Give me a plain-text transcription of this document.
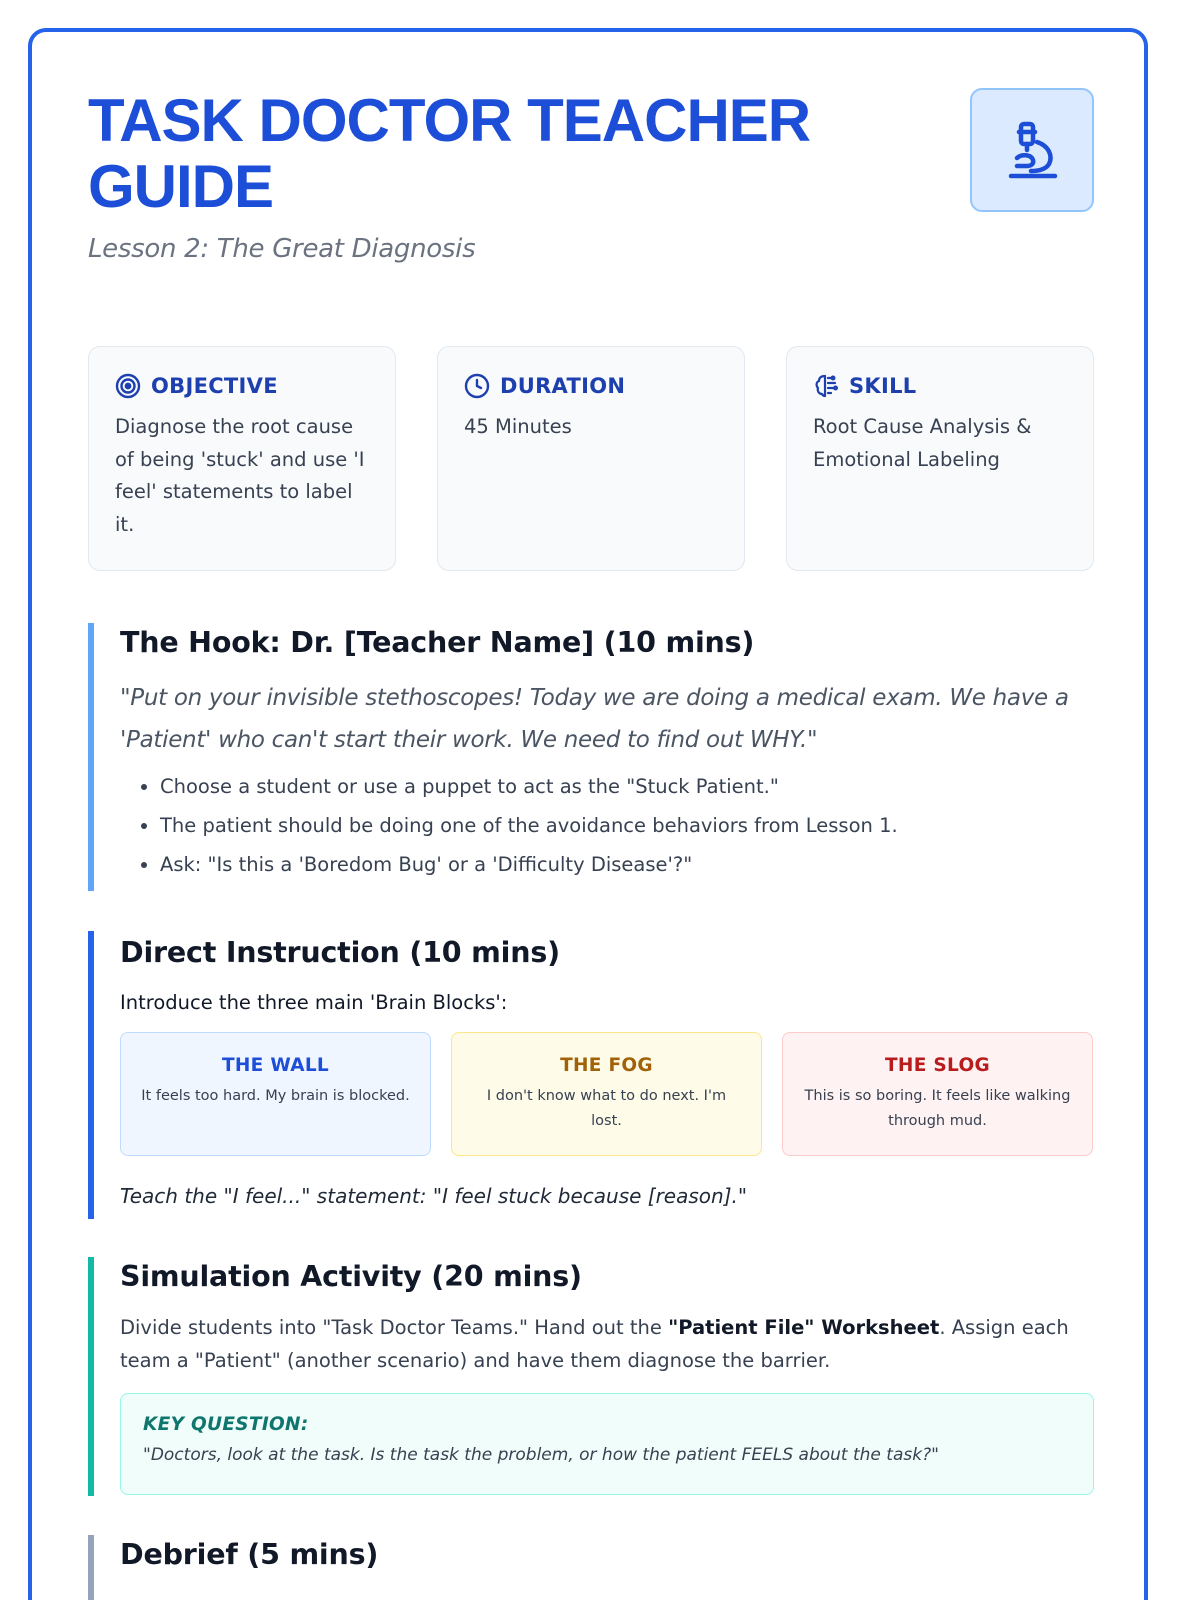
TASK DOCTOR TEACHER GUIDE
Lesson 2: The Great Diagnosis
OBJECTIVE
Diagnose the root cause of being 'stuck' and use 'I feel' statements to label it.
DURATION
45 Minutes
SKILL
Root Cause Analysis & Emotional Labeling
The Hook: Dr. [Teacher Name] (10 mins)
"Put on your invisible stethoscopes! Today we are doing a medical exam. We have a 'Patient' who can't start their work. We need to find out WHY."
• Choose a student or use a puppet to act as the "Stuck Patient."
• The patient should be doing one of the avoidance behaviors from Lesson 1.
• Ask: "Is this a 'Boredom Bug' or a 'Difficulty Disease'?"
Direct Instruction (10 mins)
Introduce the three main 'Brain Blocks':
THE WALL
It feels too hard. My brain is blocked.
THE FOG
I don't know what to do next. I'm lost.
THE SLOG
This is so boring. It feels like walking through mud.
Teach the "I feel..." statement: "I feel stuck because [reason]."
Simulation Activity (20 mins)
Divide students into "Task Doctor Teams." Hand out the "Patient File" Worksheet. Assign each team a "Patient" (another scenario) and have them diagnose the barrier.
KEY QUESTION:
"Doctors, look at the task. Is the task the problem, or how the patient FEELS about the task?"
Debrief (5 mins)
